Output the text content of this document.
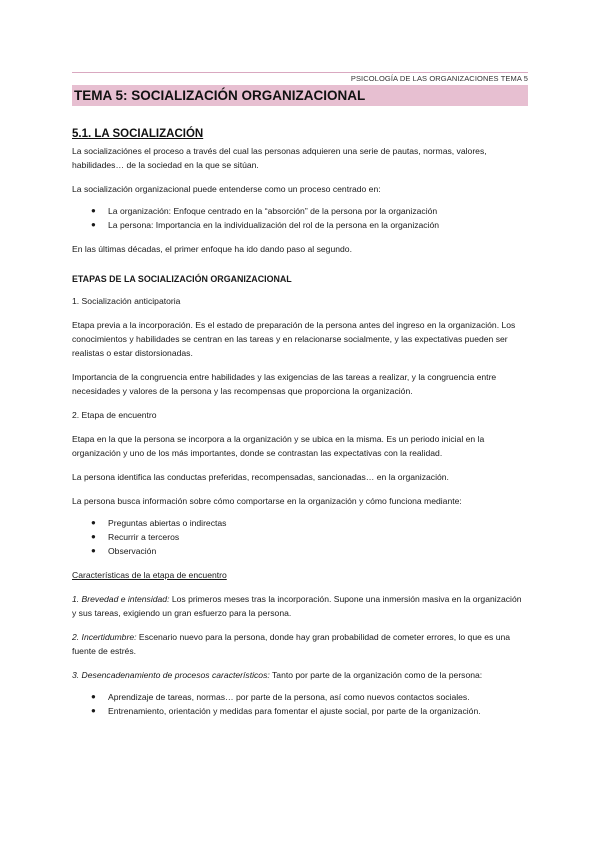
PSICOLOGÍA DE LAS ORGANIZACIONES TEMA 5
TEMA 5: SOCIALIZACIÓN ORGANIZACIONAL
5.1. LA SOCIALIZACIÓN

La socializaciónes el proceso a través del cual las personas adquieren una serie de pautas, normas, valores, habilidades… de la sociedad en la que se sitúan.

La socialización organizacional puede entenderse como un proceso centrado en:

● La organización: Enfoque centrado en la “absorción” de la persona por la organización
● La persona: Importancia en la individualización del rol de la persona en la organización

En las últimas décadas, el primer enfoque ha ido dando paso al segundo.

ETAPAS DE LA SOCIALIZACIÓN ORGANIZACIONAL

1. Socialización anticipatoria

Etapa previa a la incorporación. Es el estado de preparación de la persona antes del ingreso en la organización. Los conocimientos y habilidades se centran en las tareas y en relacionarse socialmente, y las expectativas pueden ser realistas o estar distorsionadas.

Importancia de la congruencia entre habilidades y las exigencias de las tareas a realizar, y la congruencia entre necesidades y valores de la persona y las recompensas que proporciona la organización.

2. Etapa de encuentro

Etapa en la que la persona se incorpora a la organización y se ubica en la misma. Es un periodo inicial en la organización y uno de los más importantes, donde se contrastan las expectativas con la realidad.

La persona identifica las conductas preferidas, recompensadas, sancionadas… en la organización.

La persona busca información sobre cómo comportarse en la organización y cómo funciona mediante:

● Preguntas abiertas o indirectas
● Recurrir a terceros
● Observación

Características de la etapa de encuentro

1. Brevedad e intensidad: Los primeros meses tras la incorporación. Supone una inmersión masiva en la organización y sus tareas, exigiendo un gran esfuerzo para la persona.

2. Incertidumbre: Escenario nuevo para la persona, donde hay gran probabilidad de cometer errores, lo que es una fuente de estrés.

3. Desencadenamiento de procesos característicos: Tanto por parte de la organización como de la persona:

● Aprendizaje de tareas, normas… por parte de la persona, así como nuevos contactos sociales.
● Entrenamiento, orientación y medidas para fomentar el ajuste social, por parte de la organización.
